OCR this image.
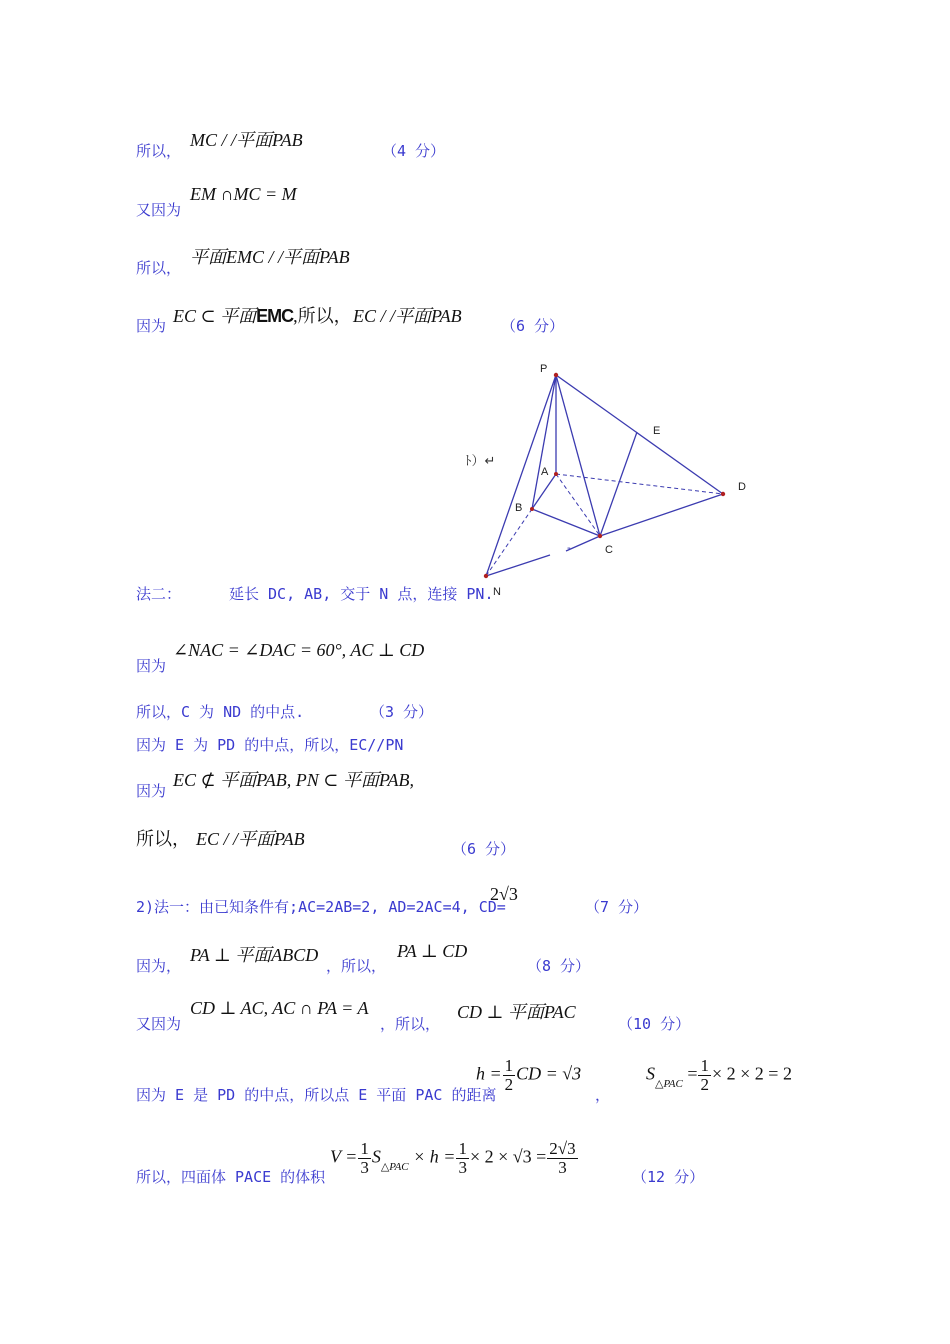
所以，
MC / /平面PAB
（4 分）
又因为
EM ∩MC = M
所以，
平面EMC / /平面PAB
因为 EC ⊂ 平面EMC,所以， EC / /平面PAB	（6 分）
P
A
B
C
D
E
N
ﾄ）↵
-
法二：	延长 DC, AB, 交于 N 点，连接 PN.
因为
∠NAC = ∠DAC = 60°, AC ⊥ CD
所以，C 为 ND 的中点.	（3 分）
因为 E 为 PD 的中点，所以，EC//PN
因为
EC ⊄ 平面PAB, PN ⊂ 平面PAB,
所以， EC / /平面PAB	（6 分）
2)法一：由已知条件有;AC=2AB=2, AD=2AC=4, CD=
2√3
（7 分）
因为，
PA ⊥ 平面ABCD
，所以，
PA ⊥ CD
（8 分）
又因为
CD ⊥ AC, AC ∩ PA = A
，所以，
CD ⊥ 平面PAC
（10 分）
因为 E 是 PD 的中点，所以点 E 平面 PAC 的距离
$h = \frac{1}{2}$ CD = √3
，
$S_{\triangle PAC} = \frac{1}{2} \times 2 \times 2 = 2$
所以，四面体 PACE 的体积
$V = \frac{1}{3} S_{\triangle PAC} \times h = \frac{1}{3} \times 2 \times √3 = \frac{2√3}{3}$
（12 分）
